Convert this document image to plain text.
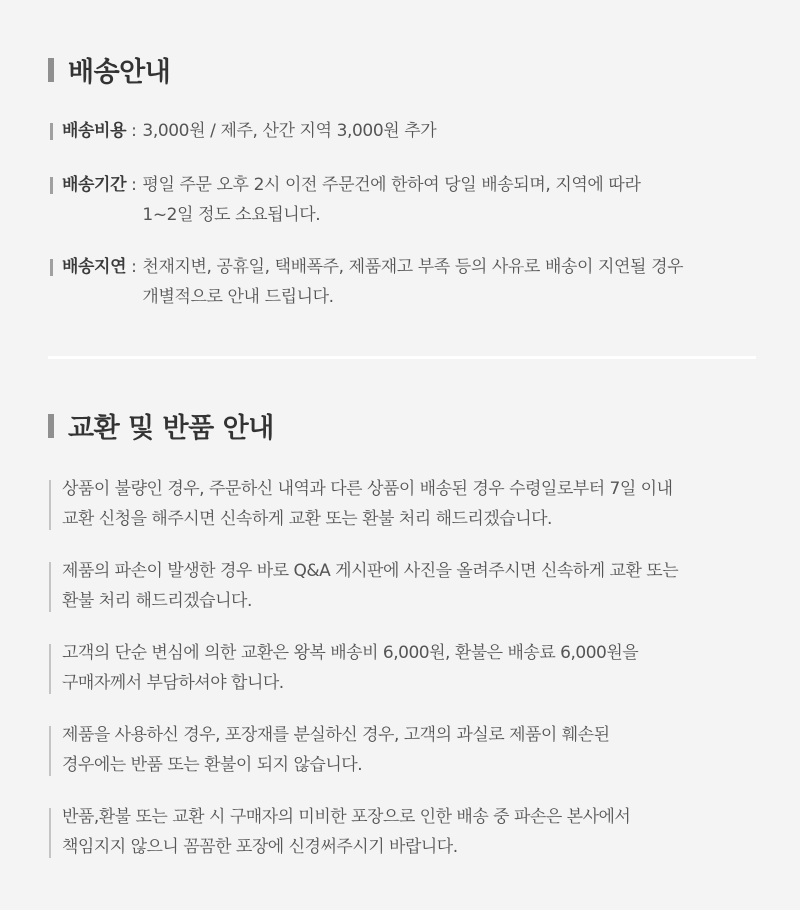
배송안내
배송비용 : 3,000원 / 제주, 산간 지역 3,000원 추가
배송기간 : 평일 주문 오후 2시 이전 주문건에 한하여 당일 배송되며, 지역에 따라
1~2일 정도 소요됩니다.
배송지연 : 천재지변, 공휴일, 택배폭주, 제품재고 부족 등의 사유로 배송이 지연될 경우
개별적으로 안내 드립니다.
교환 및 반품 안내
상품이 불량인 경우, 주문하신 내역과 다른 상품이 배송된 경우 수령일로부터 7일 이내
교환 신청을 해주시면 신속하게 교환 또는 환불 처리 해드리겠습니다.
제품의 파손이 발생한 경우 바로 Q&A 게시판에 사진을 올려주시면 신속하게 교환 또는
환불 처리 해드리겠습니다.
고객의 단순 변심에 의한 교환은 왕복 배송비 6,000원, 환불은 배송료 6,000원을
구매자께서 부담하셔야 합니다.
제품을 사용하신 경우, 포장재를 분실하신 경우, 고객의 과실로 제품이 훼손된
경우에는 반품 또는 환불이 되지 않습니다.
반품,환불 또는 교환 시 구매자의 미비한 포장으로 인한 배송 중 파손은 본사에서
책임지지 않으니 꼼꼼한 포장에 신경써주시기 바랍니다.
